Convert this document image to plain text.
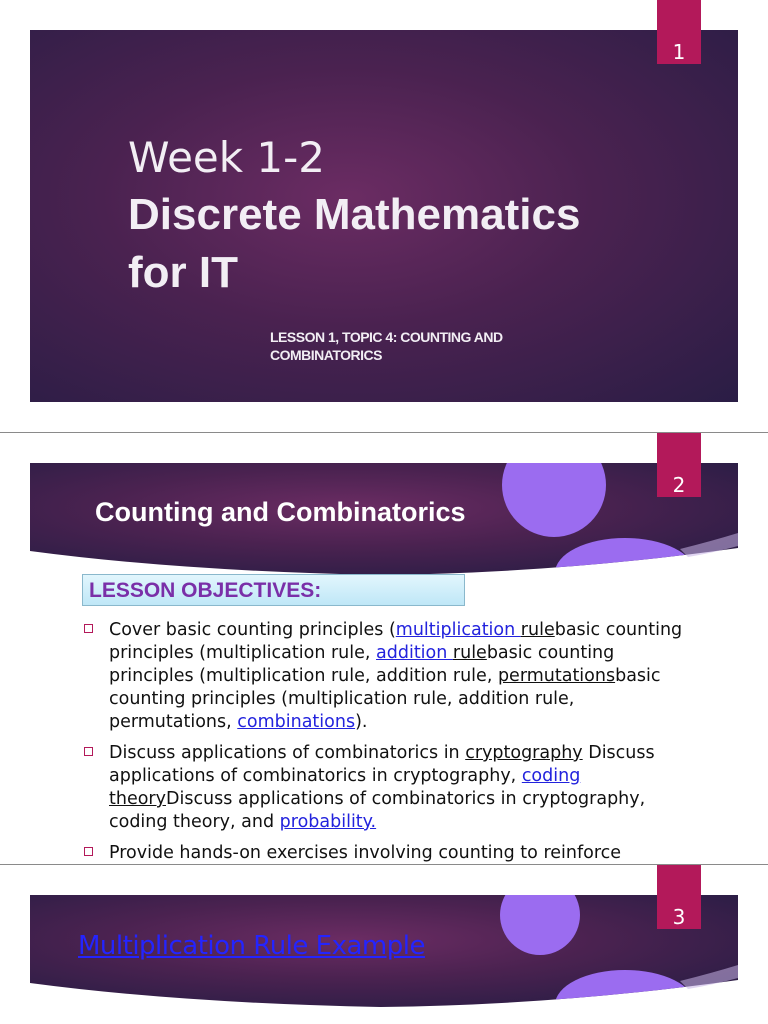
1
Week 1-2
Discrete Mathematics
for IT
LESSON 1, TOPIC 4: COUNTING AND
COMBINATORICS
2
Counting and Combinatorics
LESSON OBJECTIVES:
Cover basic counting principles (multiplication rulebasic counting principles (multiplication rule, addition rulebasic counting principles (multiplication rule, addition rule, permutationsbasic counting principles (multiplication rule, addition rule, permutations, combinations).
Discuss applications of combinatorics in cryptography Discuss applications of combinatorics in cryptography, coding theoryDiscuss applications of combinatorics in cryptography, coding theory, and probability.
Provide hands-on exercises involving counting to reinforce
3
Multiplication Rule Example
